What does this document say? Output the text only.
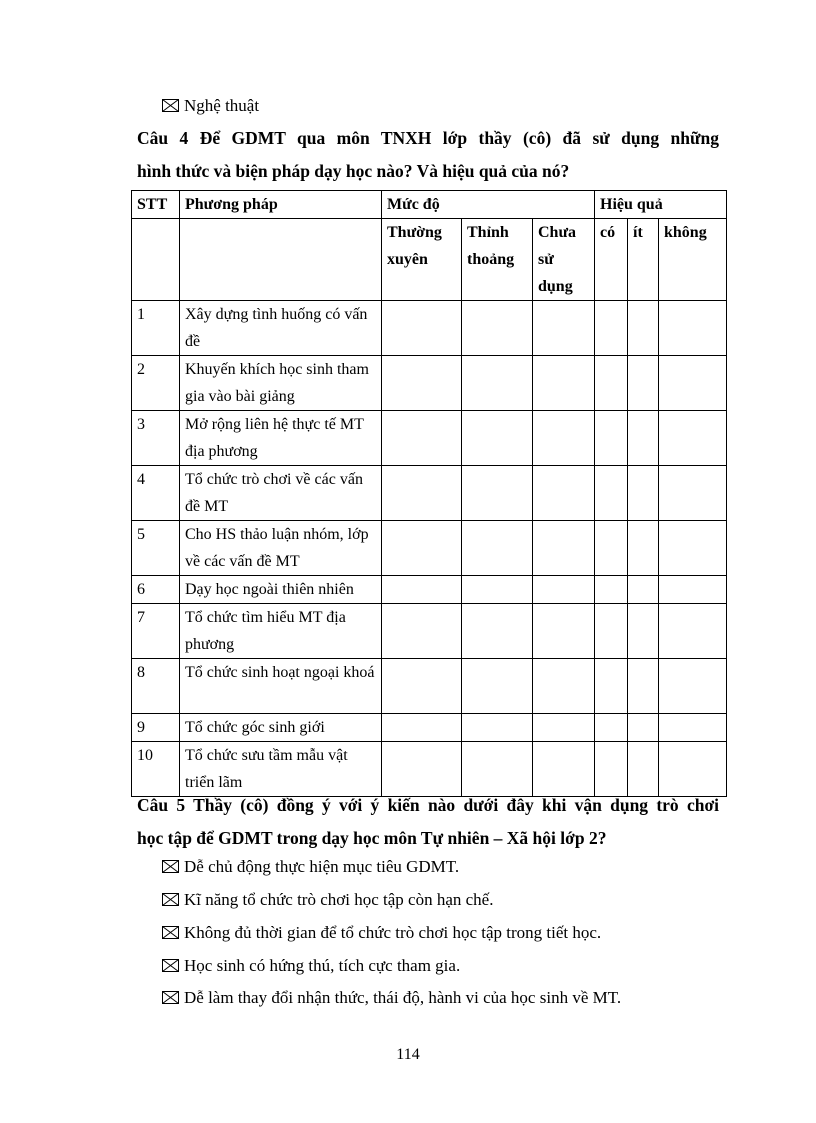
Nghệ thuật
Câu 4 Để GDMT qua môn TNXH lớp thầy (cô) đã sử dụng những
hình thức và biện pháp dạy học nào? Và hiệu quả của nó?
STT	Phương pháp	Mức độ			Hiệu quả		
		Thường xuyên	Thỉnh thoảng	Chưa sử dụng	có	ít	không
1	Xây dựng tình huống có vấn đề						
2	Khuyến khích học sinh tham gia vào bài giảng						
3	Mở rộng liên hệ thực tế MT địa phương						
4	Tổ chức trò chơi về các vấn đề MT						
5	Cho HS thảo luận nhóm, lớp về các vấn đề MT						
6	Dạy học ngoài thiên nhiên						
7	Tổ chức tìm hiểu MT địa phương						
8	Tổ chức sinh hoạt ngoại khoá						
9	Tổ chức góc sinh giới						
10	Tổ chức sưu tầm mẫu vật triển lãm						
Câu 5 Thầy (cô) đồng ý với ý kiến nào dưới đây khi vận dụng trò chơi
học tập để GDMT trong dạy học môn Tự nhiên – Xã hội lớp 2?
Dễ chủ động thực hiện mục tiêu GDMT.
Kĩ năng tổ chức trò chơi học tập còn hạn chế.
Không đủ thời gian để tổ chức trò chơi học tập trong tiết học.
Học sinh có hứng thú, tích cực tham gia.
Dễ làm thay đổi nhận thức, thái độ, hành vi của học sinh về MT.
114
